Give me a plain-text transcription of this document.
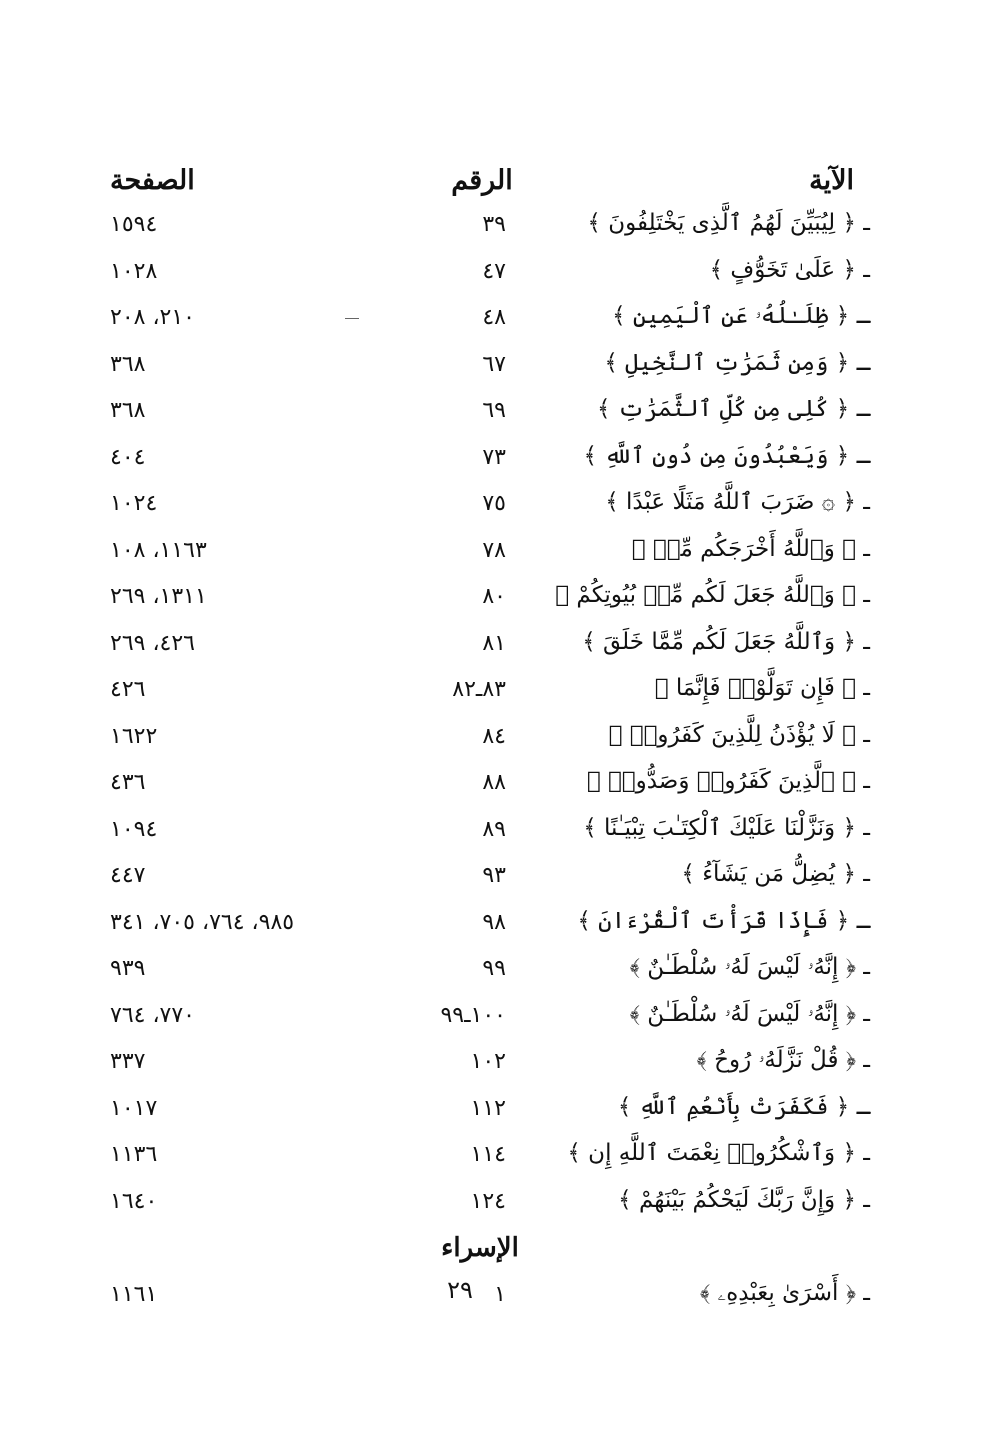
الآية
الرقم
الصفحة
ـ ﴿ لِيُبَيِّنَ لَهُمُ ٱلَّذِى يَخْتَلِفُونَ ﴾
٣٩
١٥٩٤
ـ ﴿ عَلَىٰ تَخَوُّفٍ ﴾
٤٧
١٠٢٨
ـ ﴿ ظِلَـٰلُهُۥ عَنِ ٱلْيَمِينِ ﴾
٤٨
٢١٠، ٢٠٨
ـ ﴿ وَمِن ثَمَرَٰتِ ٱلنَّخِيلِ ﴾
٦٧
٣٦٨
ـ ﴿ كُلِى مِن كُلِّ ٱلثَّمَرَٰتِ ﴾
٦٩
٣٦٨
ـ ﴿ وَيَعْبُدُونَ مِن دُونِ ٱللَّهِ ﴾
٧٣
٤٠٤
ـ ﴿ ۞ ضَرَبَ ٱللَّهُ مَثَلًا عَبْدًا ﴾
٧٥
١٠٢٤
ـ ﴿ وَٱللَّهُ أَخْرَجَكُم مِّنۢ ﴾
٧٨
١١٦٣، ١٠٨
ـ ﴿ وَٱللَّهُ جَعَلَ لَكُم مِّنۢ بُيُوتِكُمْ ﴾
٨٠
١٣١١، ٢٦٩
ـ ﴿ وَٱللَّهُ جَعَلَ لَكُم مِّمَّا خَلَقَ ﴾
٨١
٤٢٦، ٢٦٩
ـ ﴿ فَإِن تَوَلَّوْا۟ فَإِنَّمَا ﴾
٨٣ـ٨٢
٤٢٦
ـ ﴿ لَا يُؤْذَنُ لِلَّذِينَ كَفَرُوا۟ ﴾
٨٤
١٦٢٢
ـ ﴿ ٱلَّذِينَ كَفَرُوا۟ وَصَدُّوا۟ ﴾
٨٨
٤٣٦
ـ ﴿ وَنَزَّلْنَا عَلَيْكَ ٱلْكِتَـٰبَ تِبْيَـٰنًا ﴾
٨٩
١٠٩٤
ـ ﴿ يُضِلُّ مَن يَشَآءُ ﴾
٩٣
٤٤٧
ـ ﴿ فَإِذَا قَرَأْتَ ٱلْقُرْءَانَ ﴾
٩٨
٩٨٥، ٧٦٤، ٧٠٥، ٣٤١
ـ ﴿ إِنَّهُۥ لَيْسَ لَهُۥ سُلْطَـٰنٌ ﴾
٩٩
٩٣٩
ـ ﴿ إِنَّهُۥ لَيْسَ لَهُۥ سُلْطَـٰنٌ ﴾
١٠٠ـ٩٩
٧٧٠، ٧٦٤
ـ ﴿ قُلْ نَزَّلَهُۥ رُوحُ ﴾
١٠٢
٣٣٧
ـ ﴿ فَكَفَرَتْ بِأَنْعُمِ ٱللَّهِ ﴾
١١٢
١٠١٧
ـ ﴿ وَٱشْكُرُوا۟ نِعْمَتَ ٱللَّهِ إِن ﴾
١١٤
١١٣٦
ـ ﴿ وَإِنَّ رَبَّكَ لَيَحْكُمُ بَيْنَهُمْ ﴾
١٢٤
١٦٤٠
الإسراء
ـ ﴿ أَسْرَىٰ بِعَبْدِهِۦ ﴾
١
١١٦١	٢٩
